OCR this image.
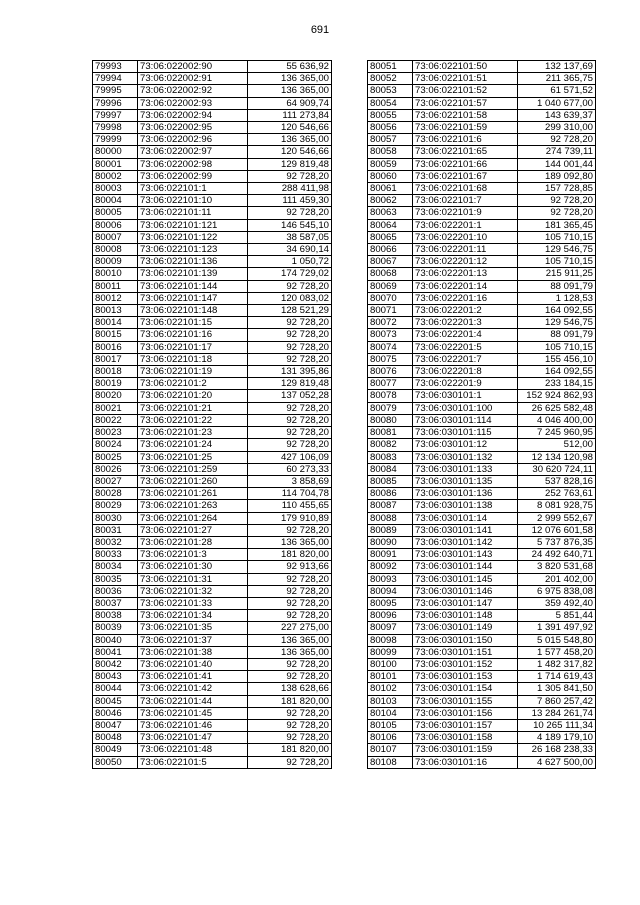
691
79993	73:06:022002:90	55 636,92
79994	73:06:022002:91	136 365,00
79995	73:06:022002:92	136 365,00
79996	73:06:022002:93	64 909,74
79997	73:06:022002:94	111 273,84
79998	73:06:022002:95	120 546,66
79999	73:06:022002:96	136 365,00
80000	73:06:022002:97	120 546,66
80001	73:06:022002:98	129 819,48
80002	73:06:022002:99	92 728,20
80003	73:06:022101:1	288 411,98
80004	73:06:022101:10	111 459,30
80005	73:06:022101:11	92 728,20
80006	73:06:022101:121	146 545,10
80007	73:06:022101:122	38 587,05
80008	73:06:022101:123	34 690,14
80009	73:06:022101:136	1 050,72
80010	73:06:022101:139	174 729,02
80011	73:06:022101:144	92 728,20
80012	73:06:022101:147	120 083,02
80013	73:06:022101:148	128 521,29
80014	73:06:022101:15	92 728,20
80015	73:06:022101:16	92 728,20
80016	73:06:022101:17	92 728,20
80017	73:06:022101:18	92 728,20
80018	73:06:022101:19	131 395,86
80019	73:06:022101:2	129 819,48
80020	73:06:022101:20	137 052,28
80021	73:06:022101:21	92 728,20
80022	73:06:022101:22	92 728,20
80023	73:06:022101:23	92 728,20
80024	73:06:022101:24	92 728,20
80025	73:06:022101:25	427 106,09
80026	73:06:022101:259	60 273,33
80027	73:06:022101:260	3 858,69
80028	73:06:022101:261	114 704,78
80029	73:06:022101:263	110 455,65
80030	73:06:022101:264	179 910,89
80031	73:06:022101:27	92 728,20
80032	73:06:022101:28	136 365,00
80033	73:06:022101:3	181 820,00
80034	73:06:022101:30	92 913,66
80035	73:06:022101:31	92 728,20
80036	73:06:022101:32	92 728,20
80037	73:06:022101:33	92 728,20
80038	73:06:022101:34	92 728,20
80039	73:06:022101:35	227 275,00
80040	73:06:022101:37	136 365,00
80041	73:06:022101:38	136 365,00
80042	73:06:022101:40	92 728,20
80043	73:06:022101:41	92 728,20
80044	73:06:022101:42	138 628,66
80045	73:06:022101:44	181 820,00
80046	73:06:022101:45	92 728,20
80047	73:06:022101:46	92 728,20
80048	73:06:022101:47	92 728,20
80049	73:06:022101:48	181 820,00
80050	73:06:022101:5	92 728,20
80051	73:06:022101:50	132 137,69
80052	73:06:022101:51	211 365,75
80053	73:06:022101:52	61 571,52
80054	73:06:022101:57	1 040 677,00
80055	73:06:022101:58	143 639,37
80056	73:06:022101:59	299 310,00
80057	73:06:022101:6	92 728,20
80058	73:06:022101:65	274 739,11
80059	73:06:022101:66	144 001,44
80060	73:06:022101:67	189 092,80
80061	73:06:022101:68	157 728,85
80062	73:06:022101:7	92 728,20
80063	73:06:022101:9	92 728,20
80064	73:06:022201:1	181 365,45
80065	73:06:022201:10	105 710,15
80066	73:06:022201:11	129 546,75
80067	73:06:022201:12	105 710,15
80068	73:06:022201:13	215 911,25
80069	73:06:022201:14	88 091,79
80070	73:06:022201:16	1 128,53
80071	73:06:022201:2	164 092,55
80072	73:06:022201:3	129 546,75
80073	73:06:022201:4	88 091,79
80074	73:06:022201:5	105 710,15
80075	73:06:022201:7	155 456,10
80076	73:06:022201:8	164 092,55
80077	73:06:022201:9	233 184,15
80078	73:06:030101:1	152 924 862,93
80079	73:06:030101:100	26 625 582,48
80080	73:06:030101:114	4 046 400,00
80081	73:06:030101:115	7 245 960,95
80082	73:06:030101:12	512,00
80083	73:06:030101:132	12 134 120,98
80084	73:06:030101:133	30 620 724,11
80085	73:06:030101:135	537 828,16
80086	73:06:030101:136	252 763,61
80087	73:06:030101:138	8 081 928,75
80088	73:06:030101:14	2 999 552,67
80089	73:06:030101:141	12 076 601,58
80090	73:06:030101:142	5 737 876,35
80091	73:06:030101:143	24 492 640,71
80092	73:06:030101:144	3 820 531,68
80093	73:06:030101:145	201 402,00
80094	73:06:030101:146	6 975 838,08
80095	73:06:030101:147	359 492,40
80096	73:06:030101:148	5 851,44
80097	73:06:030101:149	1 391 497,92
80098	73:06:030101:150	5 015 548,80
80099	73:06:030101:151	1 577 458,20
80100	73:06:030101:152	1 482 317,82
80101	73:06:030101:153	1 714 619,43
80102	73:06:030101:154	1 305 841,50
80103	73:06:030101:155	7 860 257,42
80104	73:06:030101:156	13 284 261,74
80105	73:06:030101:157	10 265 111,34
80106	73:06:030101:158	4 189 179,10
80107	73:06:030101:159	26 168 238,33
80108	73:06:030101:16	4 627 500,00
